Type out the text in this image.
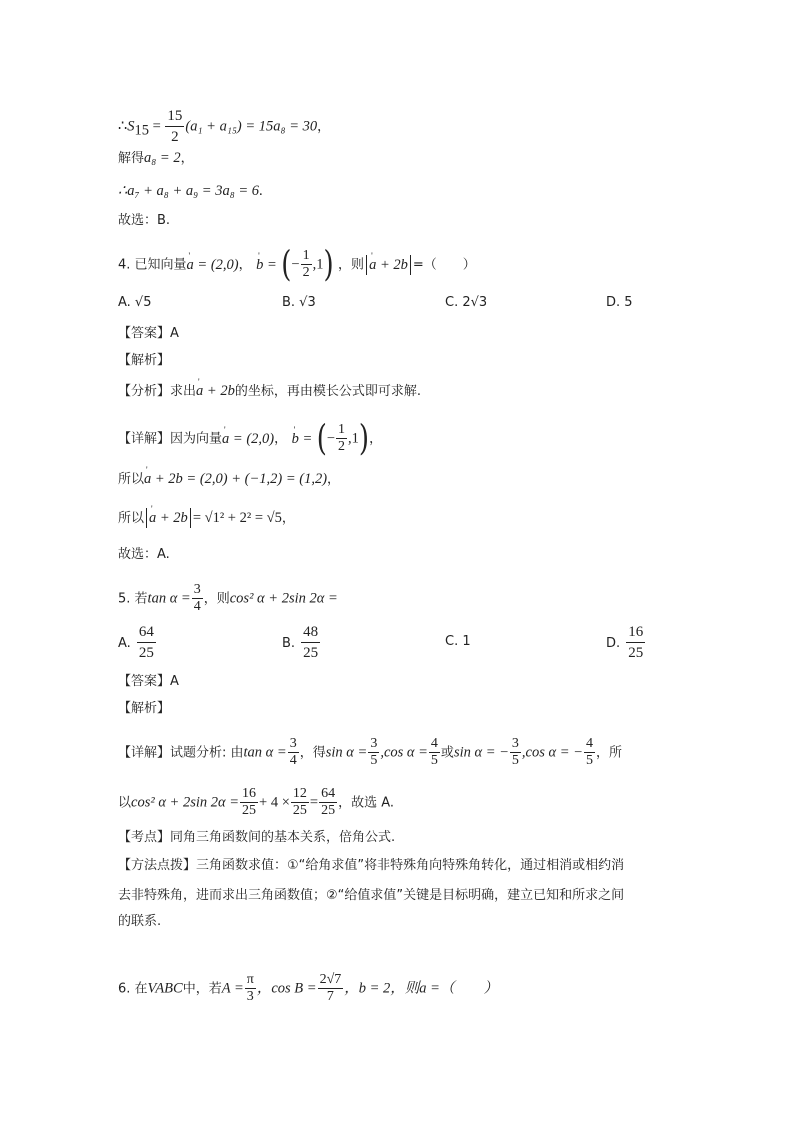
$\therefore S_{15} = \frac{15}{2} (a_1 + a_{15}) = 15a_8 = 30$，
解得a₈ = 2，
∴a₇ + a₈ + a₉ = 3a₈ = 6.
故选：B.
4. 已知向量' a = (2,0)， ' b = (− $\frac{1}{2} ,1$) ，则 ‖ ' a + 2b ‖ =（　　）
A. √5	B. √3	C. 2√3	D. 5
【答案】A
【解析】
【分析】求出' a + 2b的坐标，再由模长公式即可求解.
【详解】因为向量' a = (2,0)， ' b = (− $\frac{1}{2} ,1$)，
所以' a + 2b = (2,0) + (−1,2) = (1,2)，
所以 ‖ ' a + 2b ‖ = √1² + 2² = √5，
故选：A.
5. 若$\tan \alpha = \frac{3}{4}$ ，则cos² α + 2sin 2α =
A. $\frac{64}{25}$	B. $\frac{48}{25}$	C. 1	D. $\frac{16}{25}$
【答案】A
【解析】
【详解】试题分析: 由$\tan \alpha = \frac{3}{4}$ ，得$\sin \alpha = \frac{3}{5} ,\cos$ $\alpha = \frac{4}{5}$ 或sin α = − $\frac{3}{5} ,\cos$ α = − $\frac{4}{5}$ ，所
以cos² α + 2sin $2\alpha = \frac{16}{25} + 4 \times \frac{12}{25} = \frac{64}{25}$ ，故选 A.
【考点】同角三角函数间的基本关系，倍角公式.
【方法点拨】三角函数求值：①“给角求值”将非特殊角向特殊角转化，通过相消或相约消
去非特殊角，进而求出三角函数值；②“给值求值”关键是目标明确，建立已知和所求之间
的联系.
6. 在VABC中，若$A = \frac{\pi}{3}$ ，$\cos B = \frac{2√7}{7}$ ，b = 2，则a =（　　）
